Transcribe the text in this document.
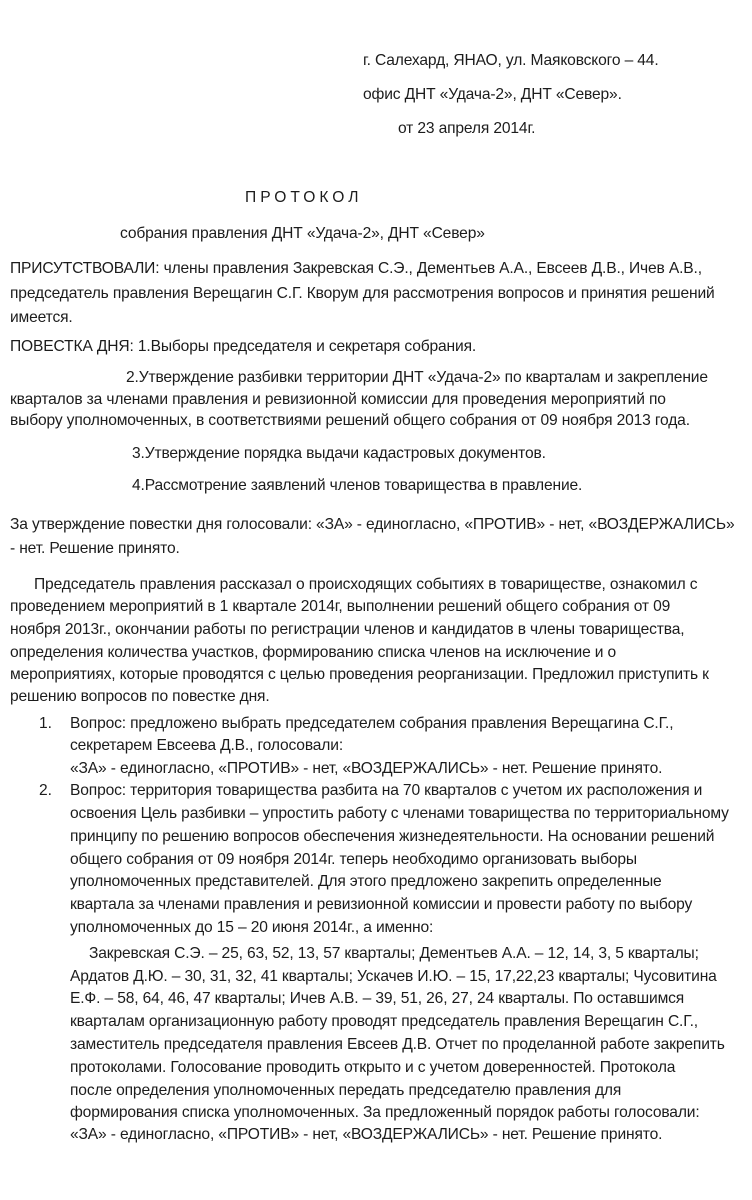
г. Салехард, ЯНАО, ул. Маяковского – 44.
офис ДНТ «Удача-2», ДНТ «Север».
от 23 апреля 2014г.
ПРОТОКОЛ
собрания правления ДНТ «Удача-2», ДНТ «Север»
ПРИСУТСТВОВАЛИ: члены правления Закревская С.Э., Дементьев А.А., Евсеев Д.В., Ичев А.В.,
председатель правления Верещагин С.Г. Кворум для рассмотрения вопросов и принятия решений
имеется.
ПОВЕСТКА ДНЯ: 1.Выборы председателя и секретаря собрания.
2.Утверждение разбивки территории ДНТ «Удача-2» по кварталам и закрепление
кварталов за членами правления и ревизионной комиссии для проведения мероприятий по
выбору уполномоченных, в соответствиями решений общего собрания от 09 ноября 2013 года.
3.Утверждение порядка выдачи кадастровых документов.
4.Рассмотрение заявлений членов товарищества в правление.
За утверждение повестки дня голосовали: «ЗА» - единогласно, «ПРОТИВ» - нет, «ВОЗДЕРЖАЛИСЬ»
- нет. Решение принято.
Председатель правления рассказал о происходящих событиях в товариществе, ознакомил с
проведением мероприятий в 1 квартале 2014г, выполнении решений общего собрания от 09
ноября 2013г., окончании работы по регистрации членов и кандидатов в члены товарищества,
определения количества участков, формированию списка членов на исключение и о
мероприятиях, которые проводятся с целью проведения реорганизации. Предложил приступить к
решению вопросов по повестке дня.
1. Вопрос: предложено выбрать председателем собрания правления Верещагина С.Г.,
секретарем Евсеева Д.В., голосовали:
«ЗА» - единогласно, «ПРОТИВ» - нет, «ВОЗДЕРЖАЛИСЬ» - нет. Решение принято.
2. Вопрос: территория товарищества разбита на 70 кварталов с учетом их расположения и
освоения Цель разбивки – упростить работу с членами товарищества по территориальному
принципу по решению вопросов обеспечения жизнедеятельности. На основании решений
общего собрания от 09 ноября 2014г. теперь необходимо организовать выборы
уполномоченных представителей. Для этого предложено закрепить определенные
квартала за членами правления и ревизионной комиссии и провести работу по выбору
уполномоченных до 15 – 20 июня 2014г., а именно:
Закревская С.Э. – 25, 63, 52, 13, 57 кварталы; Дементьев А.А. – 12, 14, 3, 5 кварталы;
Ардатов Д.Ю. – 30, 31, 32, 41 кварталы; Ускачев И.Ю. – 15, 17,22,23 кварталы; Чусовитина
Е.Ф. – 58, 64, 46, 47 кварталы; Ичев А.В. – 39, 51, 26, 27, 24 кварталы. По оставшимся
кварталам организационную работу проводят председатель правления Верещагин С.Г.,
заместитель председателя правления Евсеев Д.В. Отчет по проделанной работе закрепить
протоколами. Голосование проводить открыто и с учетом доверенностей. Протокола
после определения уполномоченных передать председателю правления для
формирования списка уполномоченных. За предложенный порядок работы голосовали:
«ЗА» - единогласно, «ПРОТИВ» - нет, «ВОЗДЕРЖАЛИСЬ» - нет. Решение принято.
